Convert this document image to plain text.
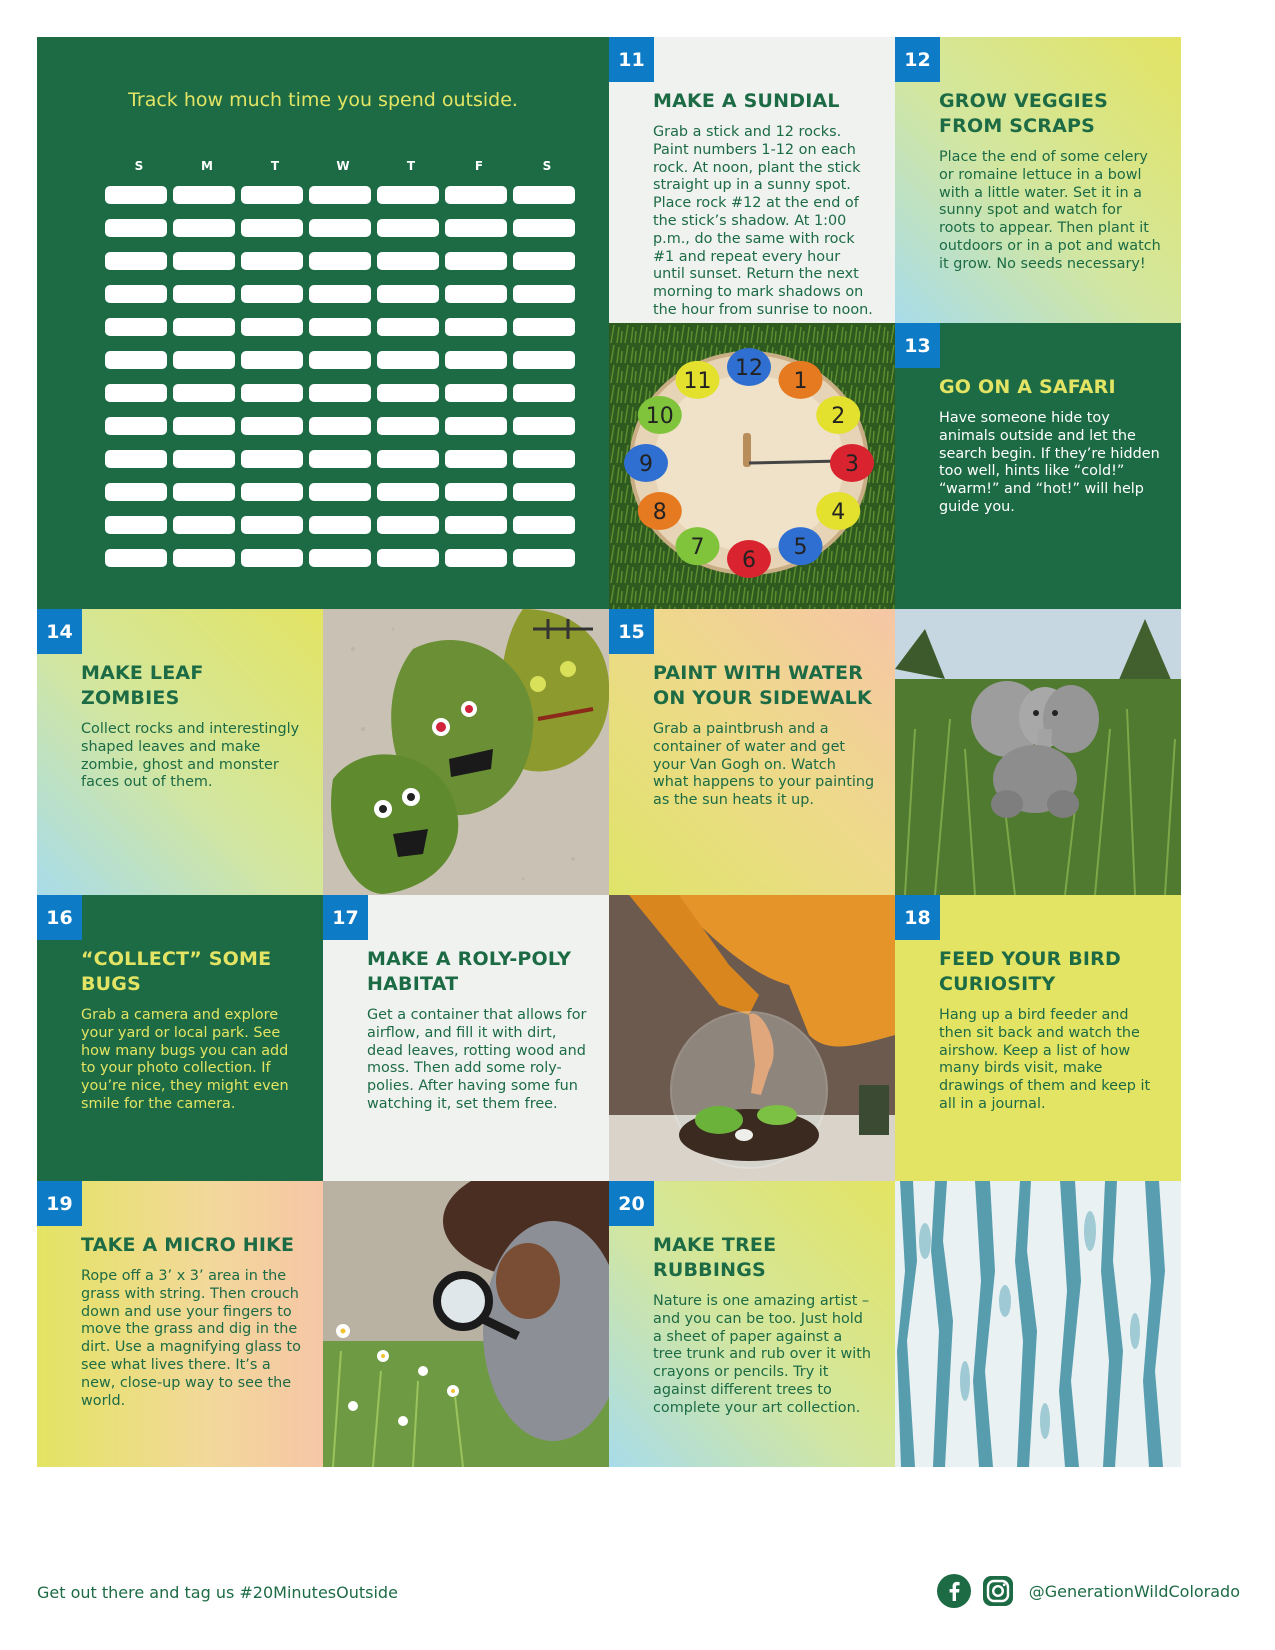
Track how much time you spend outside.
S	M	T	W	T	F	S
11

MAKE A SUNDIAL

Grab a stick and 12 rocks. Paint numbers 1-12 on each rock. At noon, plant the stick straight up in a sunny spot. Place rock #12 at the end of the stick’s shadow. At 1:00 p.m., do the same with rock #1 and repeat every hour until sunset. Return the next morning to mark shadows on the hour from sunrise to noon.

12

GROW VEGGIES FROM SCRAPS

Place the end of some celery or romaine lettuce in a bowl with a little water. Set it in a sunny spot and watch for roots to appear. Then plant it outdoors or in a pot and watch it grow. No seeds necessary!

12
1
2
3
4
5
6
7
8
9
10
11
13

GO ON A SAFARI

Have someone hide toy animals outside and let the search begin. If they’re hidden too well, hints like “cold!” “warm!” and “hot!” will help guide you.

14

MAKE LEAF ZOMBIES

Collect rocks and interestingly shaped leaves and make zombie, ghost and monster faces out of them.

15

PAINT WITH WATER ON YOUR SIDEWALK

Grab a paintbrush and a container of water and get your Van Gogh on. Watch what happens to your painting as the sun heats it up.

16

“COLLECT” SOME BUGS

Grab a camera and explore your yard or local park. See how many bugs you can add to your photo collection. If you’re nice, they might even smile for the camera.

17

MAKE A ROLY-POLY HABITAT

Get a container that allows for airflow, and fill it with dirt, dead leaves, rotting wood and moss. Then add some roly-polies. After having some fun watching it, set them free.

18

FEED YOUR BIRD CURIOSITY

Hang up a bird feeder and then sit back and watch the airshow. Keep a list of how many birds visit, make drawings of them and keep it all in a journal.

19

TAKE A MICRO HIKE

Rope off a 3’ x 3’ area in the grass with string. Then crouch down and use your fingers to move the grass and dig in the dirt. Use a magnifying glass to see what lives there. It’s a new, close-up way to see the world.

20

MAKE TREE RUBBINGS

Nature is one amazing artist – and you can be too. Just hold a sheet of paper against a tree trunk and rub over it with crayons or pencils. Try it against different trees to complete your art collection.

Get out there and tag us #20MinutesOutside	@GenerationWildColorado
